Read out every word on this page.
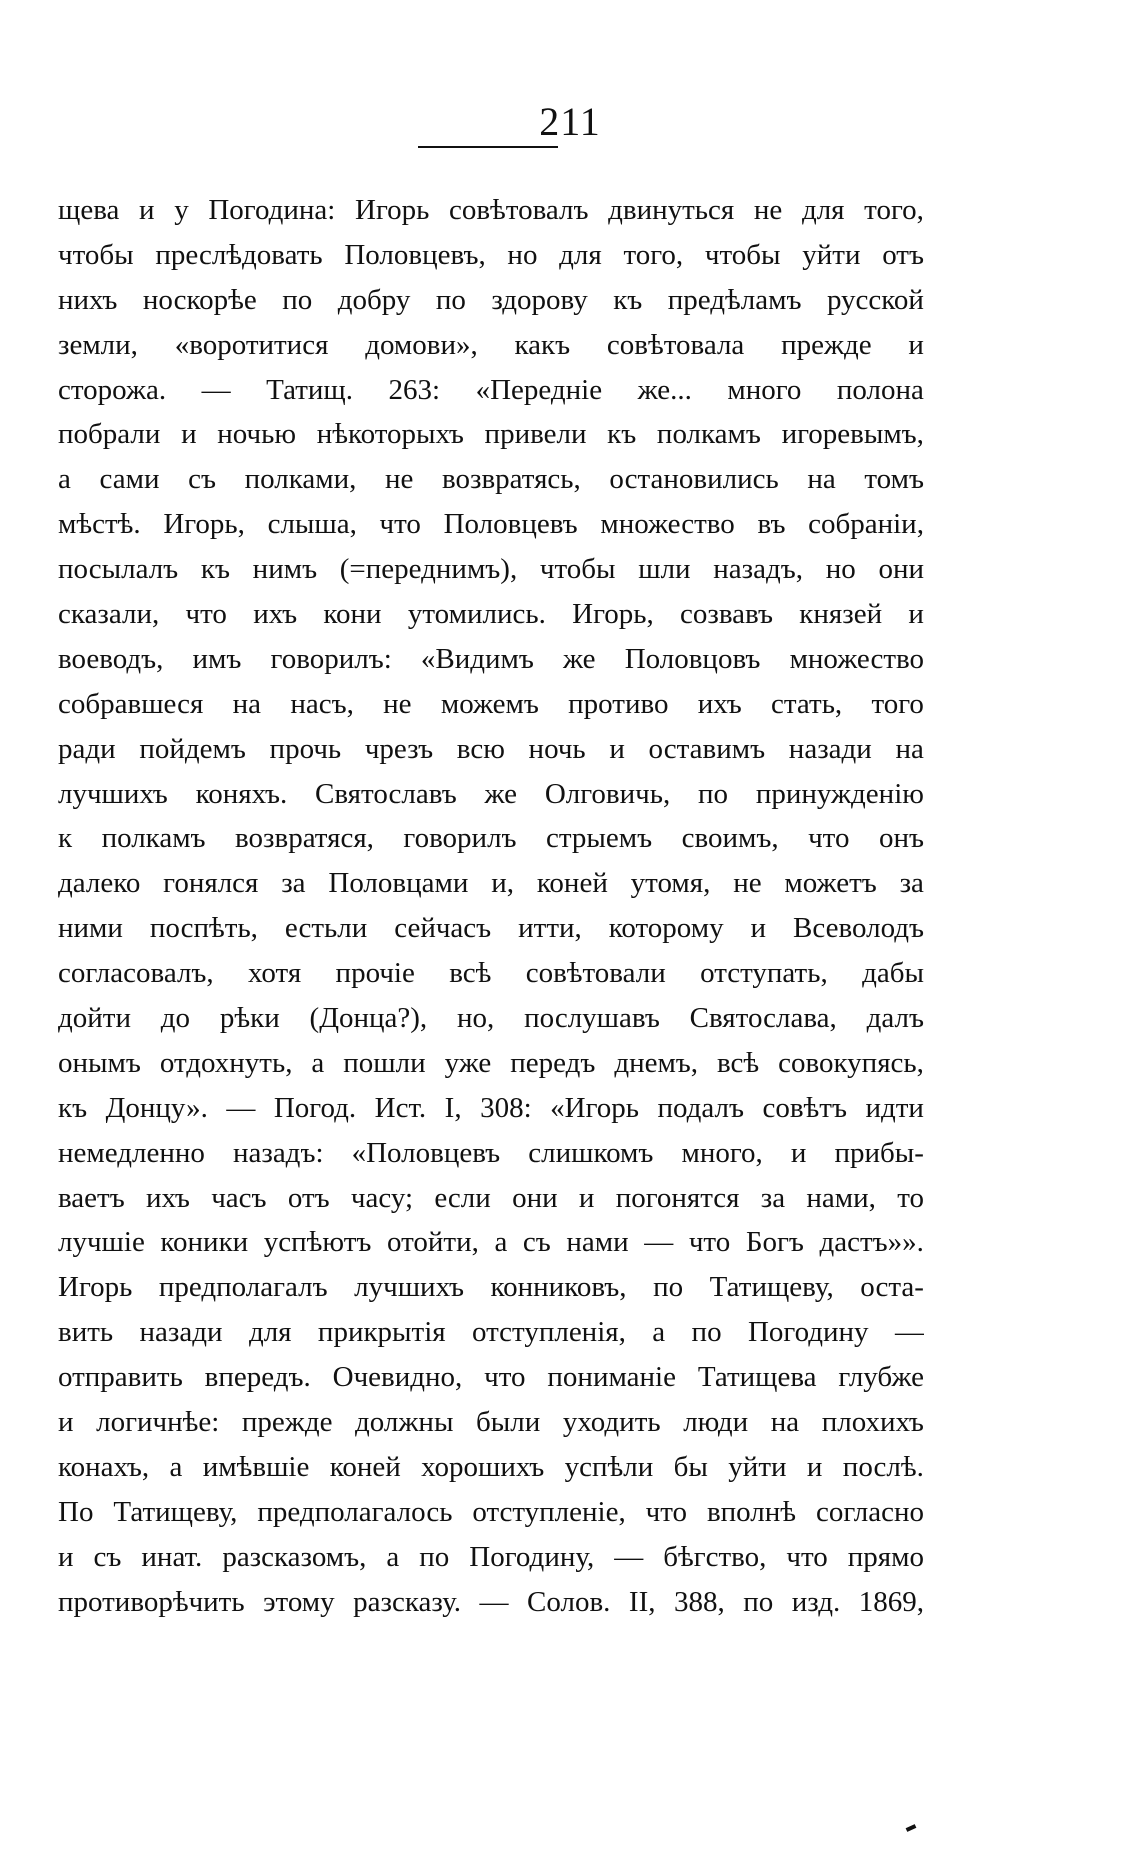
211
щева и у Погодина: Игорь совѣтовалъ двинуться не для того,
чтобы преслѣдовать Половцевъ, но для того, чтобы уйти отъ
нихъ носкорѣе по добру по здорову къ предѣламъ русской
земли, «воротитися домови», какъ совѣтовала прежде и
сторожа. — Татищ. 263: «Передніе же... много полона
побрали и ночью нѣкоторыхъ привели къ полкамъ игоревымъ,
а сами съ полками, не возвратясь, остановились на томъ
мѣстѣ. Игорь, слыша, что Половцевъ множество въ собраніи,
посылалъ къ нимъ (=переднимъ), чтобы шли назадъ, но они
сказали, что ихъ кони утомились. Игорь, созвавъ князей и
воеводъ, имъ говорилъ: «Видимъ же Половцовъ множество
собравшеся на насъ, не можемъ противо ихъ стать, того
ради пойдемъ прочь чрезъ всю ночь и оставимъ назади на
лучшихъ коняхъ. Святославъ же Олговичь, по принужденію
к полкамъ возвратяся, говорилъ стрыемъ своимъ, что онъ
далеко гонялся за Половцами и, коней утомя, не можетъ за
ними поспѣть, естьли сейчасъ итти, которому и Всеволодъ
согласовалъ, хотя прочіе всѣ совѣтовали отступать, дабы
дойти до рѣки (Донца?), но, послушавъ Святослава, далъ
онымъ отдохнуть, а пошли уже передъ днемъ, всѣ совокупясь,
къ Донцу». — Погод. Ист. I, 308: «Игорь подалъ совѣтъ идти
немедленно назадъ: «Половцевъ слишкомъ много, и прибы-
ваетъ ихъ часъ отъ часу; если они и погонятся за нами, то
лучшіе коники успѣютъ отойти, а съ нами — что Богъ дастъ»».
Игорь предполагалъ лучшихъ конниковъ, по Татищеву, оста-
вить назади для прикрытія отступленія, а по Погодину —
отправить впередъ. Очевидно, что пониманіе Татищева глубже
и логичнѣе: прежде должны были уходить люди на плохихъ
конахъ, а имѣвшіе коней хорошихъ успѣли бы уйти и послѣ.
По Татищеву, предполагалось отступленіе, что вполнѣ согласно
и съ инат. разсказомъ, а по Погодину, — бѣгство, что прямо
противорѣчить этому разсказу. — Солов. II, 388, по изд. 1869,
